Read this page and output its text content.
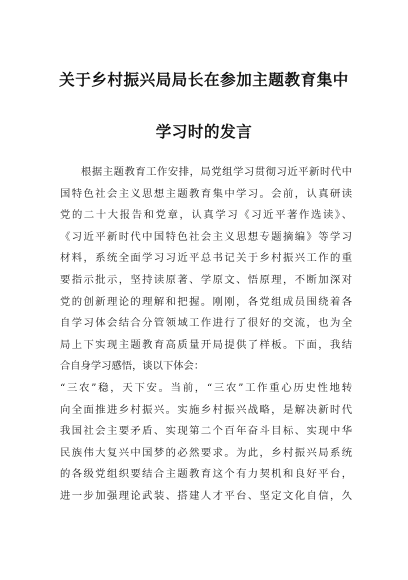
关于乡村振兴局局长在参加主题教育集中
学习时的发言
根据主题教育工作安排，局党组学习贯彻习近平新时代中
国特色社会主义思想主题教育集中学习。会前，认真研读
党的二十大报告和党章，认真学习《习近平著作选读》、
《习近平新时代中国特色社会主义思想专题摘编》等学习
材料，系统全面学习习近平总书记关于乡村振兴工作的重
要指示批示，坚持读原著、学原文、悟原理，不断加深对
党的创新理论的理解和把握。刚刚，各党组成员围绕着各
自学习体会结合分管领域工作进行了很好的交流，也为全
局上下实现主题教育高质量开局提供了样板。下面，我结
合自身学习感悟，谈以下体会：
“三农”稳，天下安。当前，“三农”工作重心历史性地转
向全面推进乡村振兴。实施乡村振兴战略，是解决新时代
我国社会主要矛盾、实现第二个百年奋斗目标、实现中华
民族伟大复兴中国梦的必然要求。为此，乡村振兴局系统
的各级党组织要结合主题教育这个有力契机和良好平台，
进一步加强理论武装、搭建人才平台、坚定文化自信，久
